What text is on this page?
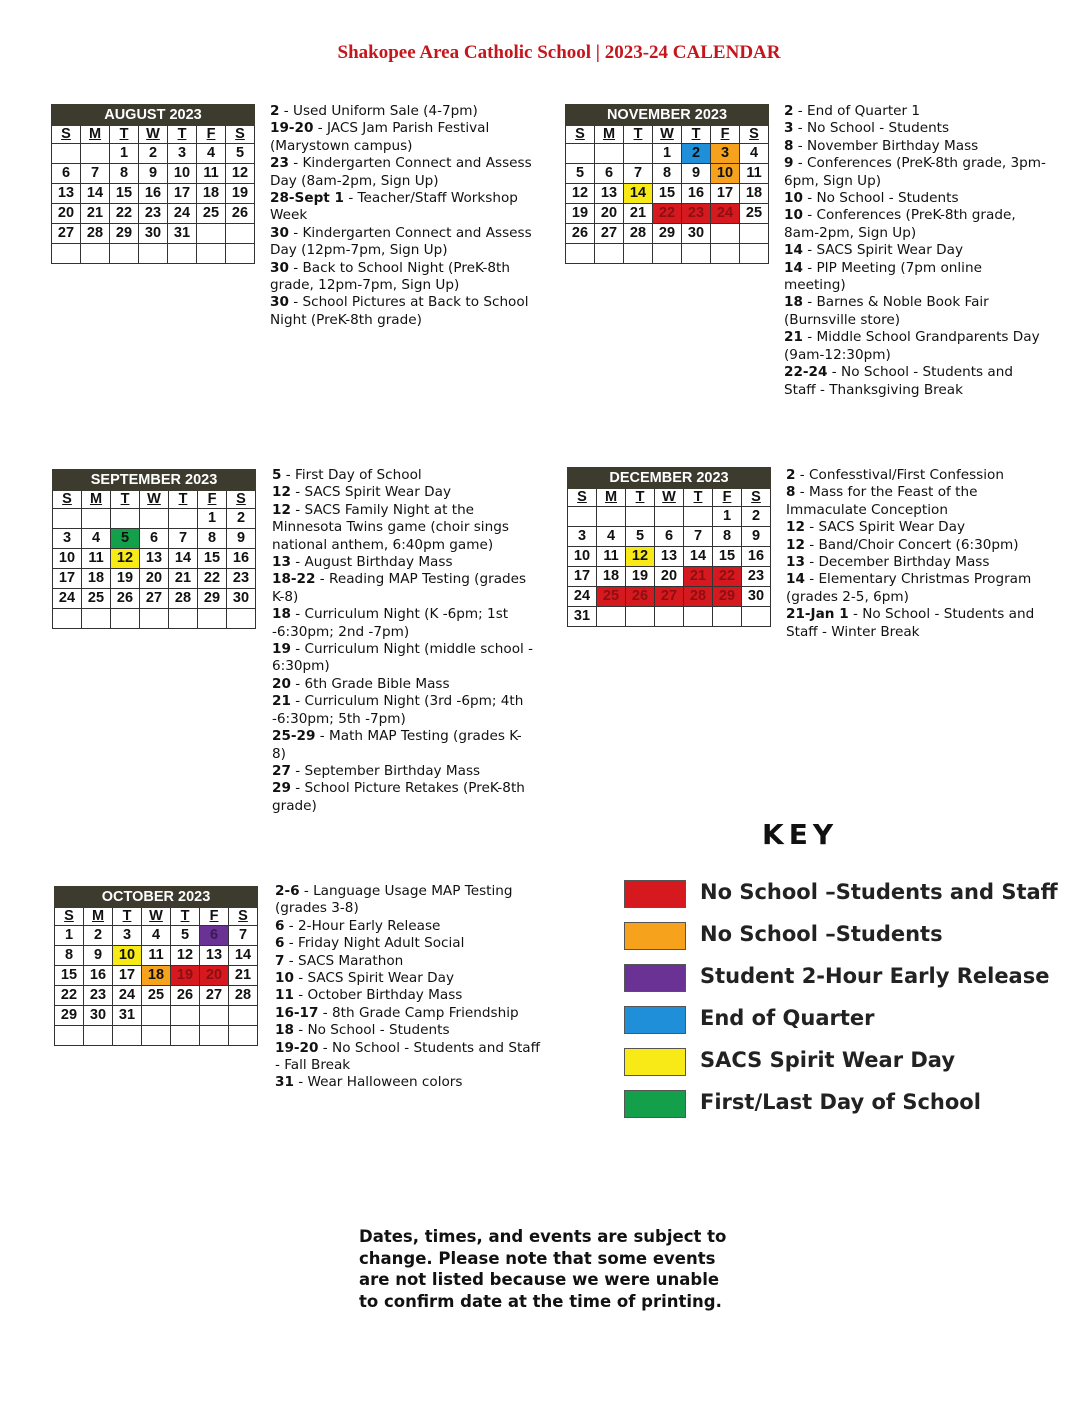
Shakopee Area Catholic School | 2023-24 CALENDAR
AUGUST 2023						
S	M	T	W	T	F	S
		1	2	3	4	5
6	7	8	9	10	11	12
13	14	15	16	17	18	19
20	21	22	23	24	25	26
27	28	29	30	31		

2 - Used Uniform Sale (4-7pm)
19-20 - JACS Jam Parish Festival (Marystown campus)
23 - Kindergarten Connect and Assess Day (8am-2pm, Sign Up)
28-Sept 1 - Teacher/Staff Workshop Week
30 - Kindergarten Connect and Assess Day (12pm-7pm, Sign Up)
30 - Back to School Night (PreK-8th grade, 12pm-7pm, Sign Up)
30 - School Pictures at Back to School Night (PreK-8th grade)
NOVEMBER 2023						
S	M	T	W	T	F	S
			1	2	3	4
5	6	7	8	9	10	11
12	13	14	15	16	17	18
19	20	21	22	23	24	25
26	27	28	29	30		

2 - End of Quarter 1
3 - No School - Students
8 - November Birthday Mass
9 - Conferences (PreK-8th grade, 3pm-6pm, Sign Up)
10 - No School - Students
10 - Conferences (PreK-8th grade, 8am-2pm, Sign Up)
14 - SACS Spirit Wear Day
14 - PIP Meeting (7pm online meeting)
18 - Barnes & Noble Book Fair (Burnsville store)
21 - Middle School Grandparents Day (9am-12:30pm)
22-24 - No School - Students and Staff - Thanksgiving Break
SEPTEMBER 2023						
S	M	T	W	T	F	S
					1	2
3	4	5	6	7	8	9
10	11	12	13	14	15	16
17	18	19	20	21	22	23
24	25	26	27	28	29	30

5 - First Day of School
12 - SACS Spirit Wear Day
12 - SACS Family Night at the Minnesota Twins game (choir sings national anthem, 6:40pm game)
13 - August Birthday Mass
18-22 - Reading MAP Testing (grades K-8)
18 - Curriculum Night (K -6pm; 1st -6:30pm; 2nd -7pm)
19 - Curriculum Night (middle school - 6:30pm)
20 - 6th Grade Bible Mass
21 - Curriculum Night (3rd -6pm; 4th -6:30pm; 5th -7pm)
25-29 - Math MAP Testing (grades K-8)
27 - September Birthday Mass
29 - School Picture Retakes (PreK-8th grade)
DECEMBER 2023						
S	M	T	W	T	F	S
					1	2
3	4	5	6	7	8	9
10	11	12	13	14	15	16
17	18	19	20	21	22	23
24	25	26	27	28	29	30
31						
2 - Confesstival/First Confession
8 - Mass for the Feast of the Immaculate Conception
12 - SACS Spirit Wear Day
12 - Band/Choir Concert (6:30pm)
13 - December Birthday Mass
14 - Elementary Christmas Program (grades 2-5, 6pm)
21-Jan 1 - No School - Students and Staff - Winter Break
OCTOBER 2023						
S	M	T	W	T	F	S
1	2	3	4	5	6	7
8	9	10	11	12	13	14
15	16	17	18	19	20	21
22	23	24	25	26	27	28
29	30	31				

2-6 - Language Usage MAP Testing (grades 3-8)
6 - 2-Hour Early Release
6 - Friday Night Adult Social
7 - SACS Marathon
10 - SACS Spirit Wear Day
11 - October Birthday Mass
16-17 - 8th Grade Camp Friendship
18 - No School - Students
19-20 - No School - Students and Staff - Fall Break
31 - Wear Halloween colors
KEY
No School –Students and Staff
No School –Students
Student 2-Hour Early Release
End of Quarter
SACS Spirit Wear Day
First/Last Day of School
Dates, times, and events are subject to change. Please note that some events are not listed because we were unable to confirm date at the time of printing.
